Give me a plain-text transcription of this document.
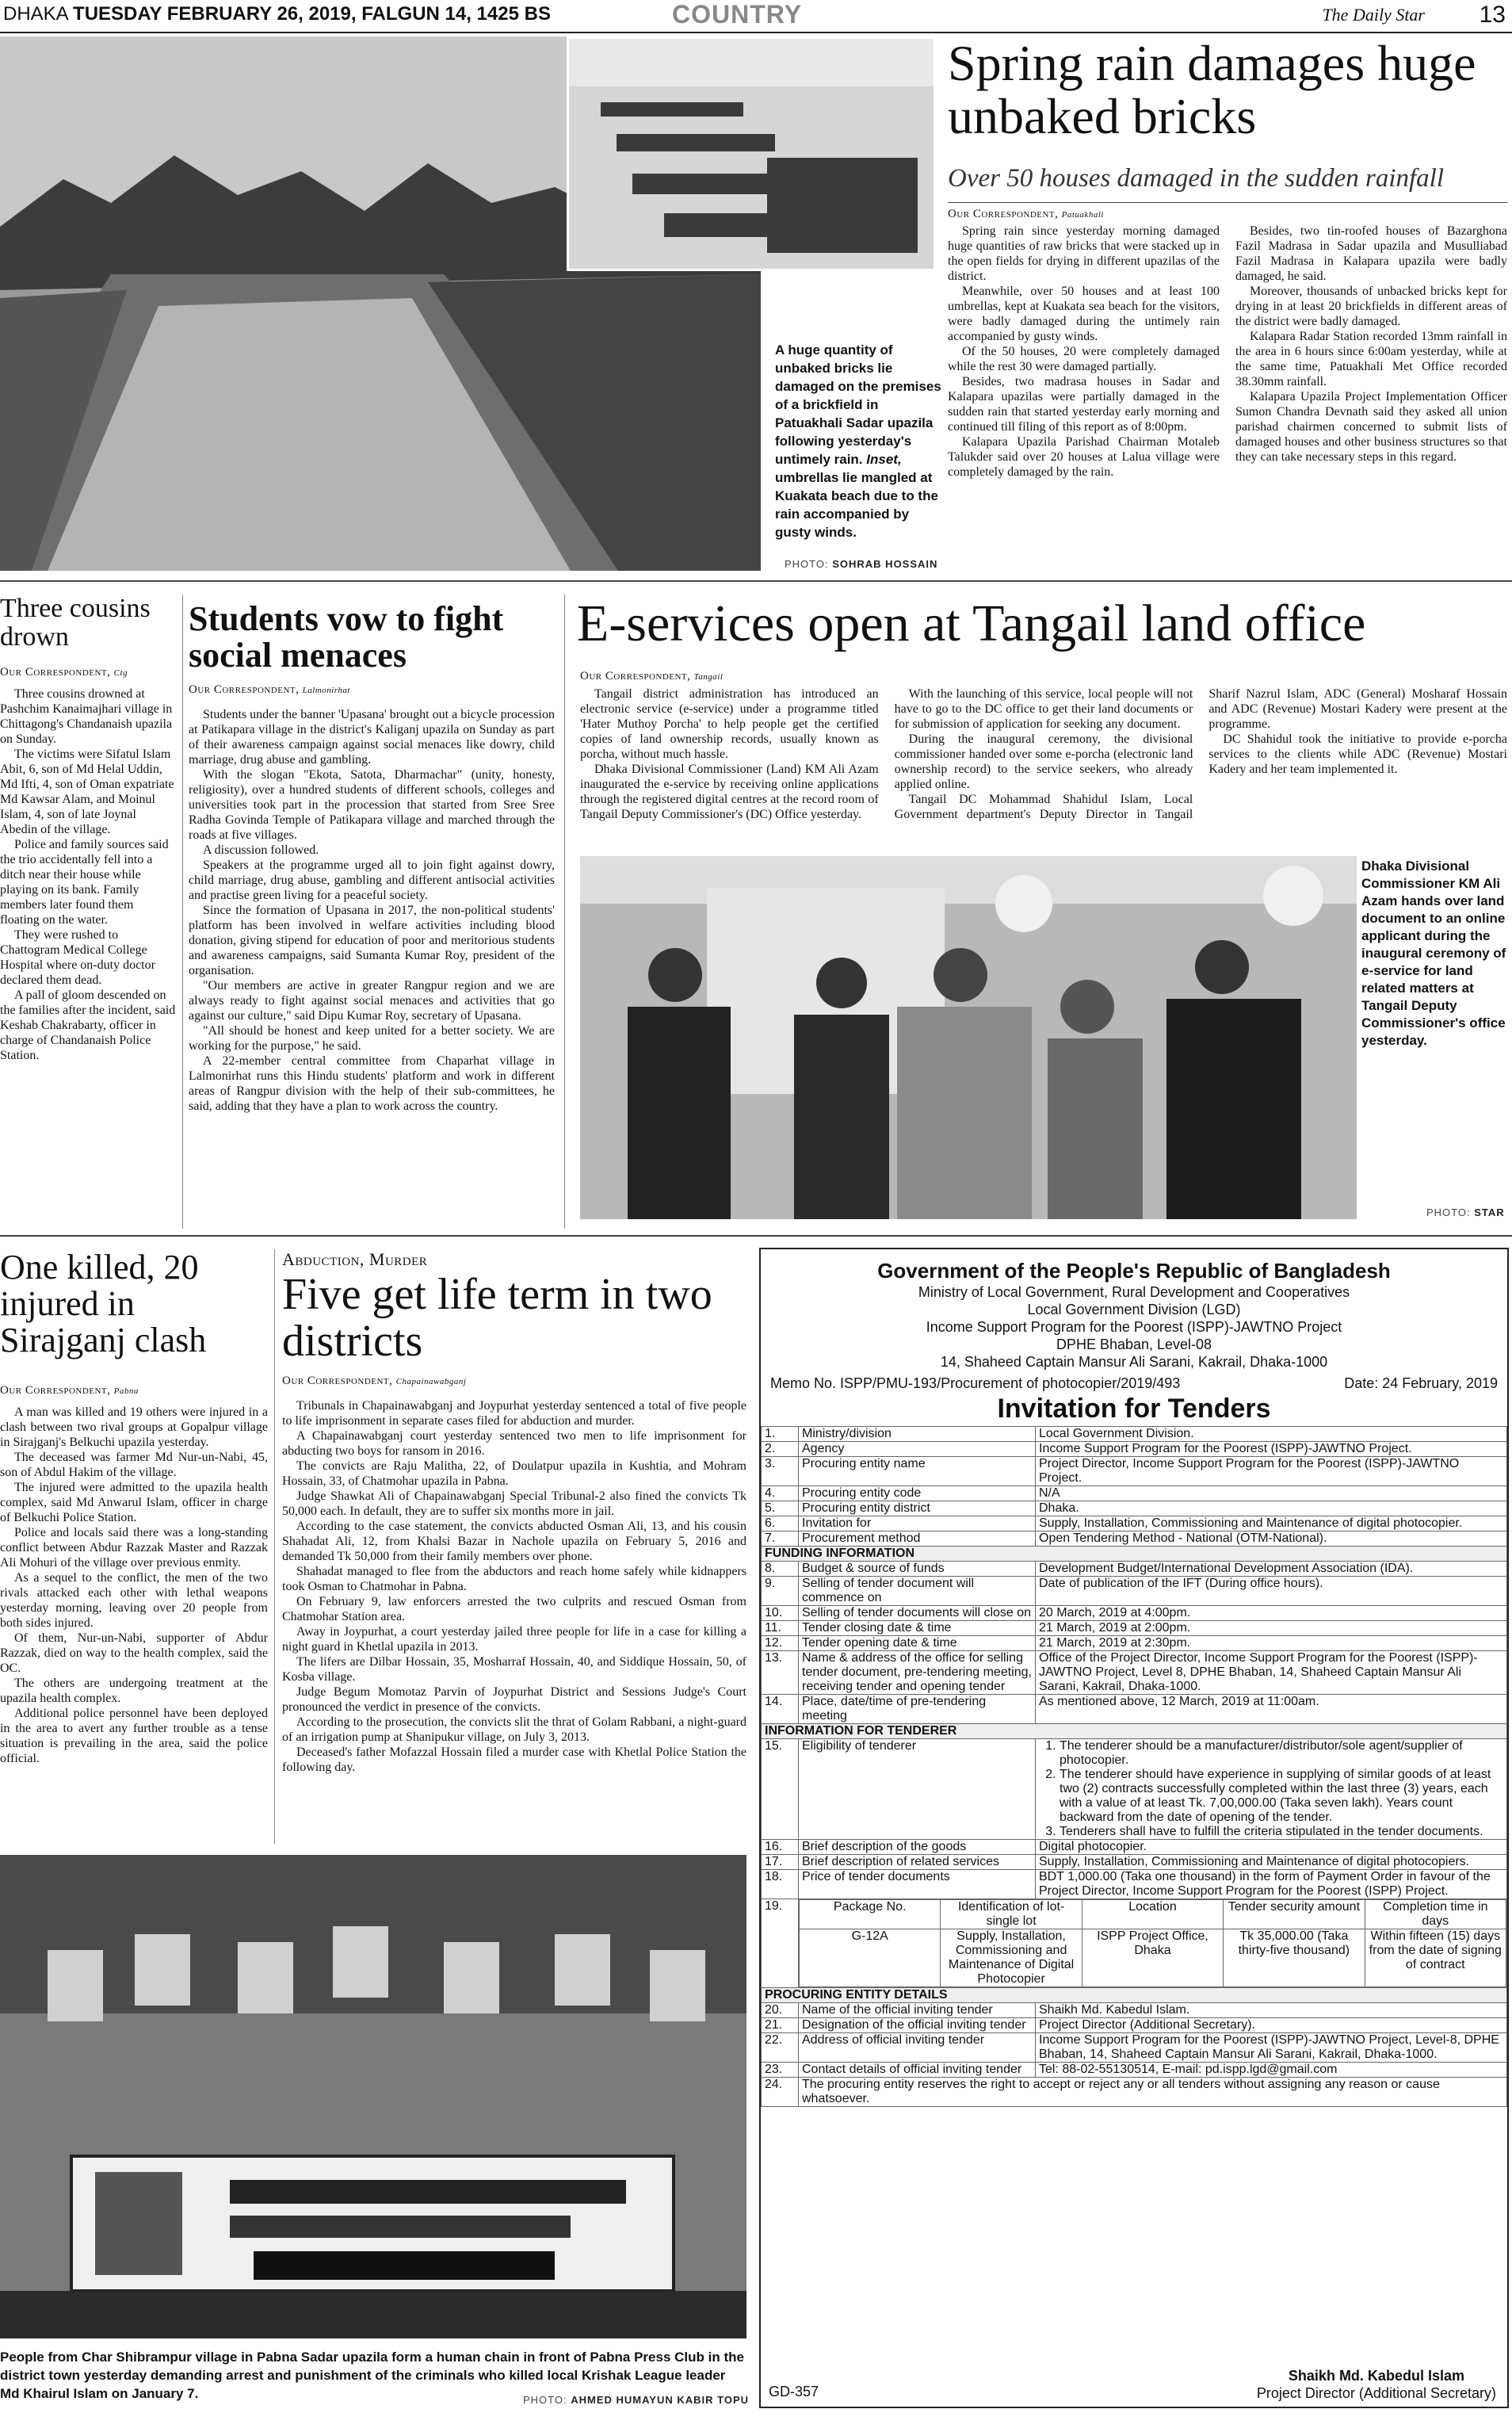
DHAKA TUESDAY FEBRUARY 26, 2019, FALGUN 14, 1425 BS	COUNTRY	The Daily Star 13
A huge quantity of unbaked bricks lie damaged on the premises of a brickfield in Patuakhali Sadar upazila following yesterday's untimely rain. Inset, umbrellas lie mangled at Kuakata beach due to the rain accompanied by gusty winds.
PHOTO: SOHRAB HOSSAIN
Spring rain damages huge unbaked bricks
Over 50 houses damaged in the sudden rainfall
Our Correspondent, Patuakhali

Spring rain since yesterday morning damaged huge quantities of raw bricks that were stacked up in the open fields for drying in different upazilas of the district.

Meanwhile, over 50 houses and at least 100 umbrellas, kept at Kuakata sea beach for the visitors, were badly damaged during the untimely rain accompanied by gusty winds.

Of the 50 houses, 20 were completely damaged while the rest 30 were damaged partially.

Besides, two madrasa houses in Sadar and Kalapara upazilas were partially damaged in the sudden rain that started yesterday early morning and continued till filing of this report as of 8:00pm.

Kalapara Upazila Parishad Chairman Motaleb Talukder said over 20 houses at Lalua village were completely damaged by the rain.

Besides, two tin-roofed houses of Bazarghona Fazil Madrasa in Sadar upazila and Musulliabad Fazil Madrasa in Kalapara upazila were badly damaged, he said.

Moreover, thousands of unbacked bricks kept for drying in at least 20 brickfields in different areas of the district were badly damaged.

Kalapara Radar Station recorded 13mm rainfall in the area in 6 hours since 6:00am yesterday, while at the same time, Patuakhali Met Office recorded 38.30mm rainfall.

Kalapara Upazila Project Implementation Officer Sumon Chandra Devnath said they asked all union parishad chairmen concerned to submit lists of damaged houses and other business structures so that they can take necessary steps in this regard.

Three cousins drown
Our Correspondent, Ctg

Three cousins drowned at Pashchim Kanaimajhari village in Chittagong's Chandanaish upazila on Sunday.

The victims were Sifatul Islam Abit, 6, son of Md Helal Uddin, Md Ifti, 4, son of Oman expatriate Md Kawsar Alam, and Moinul Islam, 4, son of late Joynal Abedin of the village.

Police and family sources said the trio accidentally fell into a ditch near their house while playing on its bank. Family members later found them floating on the water.

They were rushed to Chattogram Medical College Hospital where on-duty doctor declared them dead.

A pall of gloom descended on the families after the incident, said Keshab Chakrabarty, officer in charge of Chandanaish Police Station.

Students vow to fight social menaces
Our Correspondent, Lalmonirhat

Students under the banner 'Upasana' brought out a bicycle procession at Patikapara village in the district's Kaliganj upazila on Sunday as part of their awareness campaign against social menaces like dowry, child marriage, drug abuse and gambling.

With the slogan "Ekota, Satota, Dharmachar" (unity, honesty, religiosity), over a hundred students of different schools, colleges and universities took part in the procession that started from Sree Sree Radha Govinda Temple of Patikapara village and marched through the roads at five villages.

A discussion followed.

Speakers at the programme urged all to join fight against dowry, child marriage, drug abuse, gambling and different antisocial activities and practise green living for a peaceful society.

Since the formation of Upasana in 2017, the non-political students' platform has been involved in welfare activities including blood donation, giving stipend for education of poor and meritorious students and awareness campaigns, said Sumanta Kumar Roy, president of the organisation.

"Our members are active in greater Rangpur region and we are always ready to fight against social menaces and activities that go against our culture," said Dipu Kumar Roy, secretary of Upasana.

"All should be honest and keep united for a better society. We are working for the purpose," he said.

A 22-member central committee from Chaparhat village in Lalmonirhat runs this Hindu students' platform and work in different areas of Rangpur division with the help of their sub-committees, he said, adding that they have a plan to work across the country.

E-services open at Tangail land office
Our Correspondent, Tangail

Tangail district administration has introduced an electronic service (e-service) under a programme titled 'Hater Muthoy Porcha' to help people get the certified copies of land ownership records, usually known as porcha, without much hassle.

Dhaka Divisional Commissioner (Land) KM Ali Azam inaugurated the e-service by receiving online applications through the registered digital centres at the record room of Tangail Deputy Commissioner's (DC) Office yesterday.

With the launching of this service, local people will not have to go to the DC office to get their land documents or for submission of application for seeking any document.

During the inaugural ceremony, the divisional commissioner handed over some e-porcha (electronic land ownership record) to the service seekers, who already applied online.

Tangail DC Mohammad Shahidul Islam, Local Government department's Deputy Director in Tangail Sharif Nazrul Islam, ADC (General) Mosharaf Hossain and ADC (Revenue) Mostari Kadery were present at the programme.

DC Shahidul took the initiative to provide e-porcha services to the clients while ADC (Revenue) Mostari Kadery and her team implemented it.

Dhaka Divisional Commissioner KM Ali Azam hands over land document to an online applicant during the inaugural ceremony of e-service for land related matters at Tangail Deputy Commissioner's office yesterday.
PHOTO: STAR
One killed, 20 injured in Sirajganj clash
Our Correspondent, Pabna

A man was killed and 19 others were injured in a clash between two rival groups at Gopalpur village in Sirajganj's Belkuchi upazila yesterday.

The deceased was farmer Md Nur-un-Nabi, 45, son of Abdul Hakim of the village.

The injured were admitted to the upazila health complex, said Md Anwarul Islam, officer in charge of Belkuchi Police Station.

Police and locals said there was a long-standing conflict between Abdur Razzak Master and Razzak Ali Mohuri of the village over previous enmity.

As a sequel to the conflict, the men of the two rivals attacked each other with lethal weapons yesterday morning, leaving over 20 people from both sides injured.

Of them, Nur-un-Nabi, supporter of Abdur Razzak, died on way to the health complex, said the OC.

The others are undergoing treatment at the upazila health complex.

Additional police personnel have been deployed in the area to avert any further trouble as a tense situation is prevailing in the area, said the police official.

Abduction, Murder
Five get life term in two districts
Our Correspondent, Chapainawabganj

Tribunals in Chapainawabganj and Joypurhat yesterday sentenced a total of five people to life imprisonment in separate cases filed for abduction and murder.

A Chapainawabganj court yesterday sentenced two men to life imprisonment for abducting two boys for ransom in 2016.

The convicts are Raju Malitha, 22, of Doulatpur upazila in Kushtia, and Mohram Hossain, 33, of Chatmohar upazila in Pabna.

Judge Shawkat Ali of Chapainawabganj Special Tribunal-2 also fined the convicts Tk 50,000 each. In default, they are to suffer six months more in jail.

According to the case statement, the convicts abducted Osman Ali, 13, and his cousin Shahadat Ali, 12, from Khalsi Bazar in Nachole upazila on February 5, 2016 and demanded Tk 50,000 from their family members over phone.

Shahadat managed to flee from the abductors and reach home safely while kidnappers took Osman to Chatmohar in Pabna.

On February 9, law enforcers arrested the two culprits and rescued Osman from Chatmohar Station area.

Away in Joypurhat, a court yesterday jailed three people for life in a case for killing a night guard in Khetlal upazila in 2013.

The lifers are Dilbar Hossain, 35, Mosharraf Hossain, 40, and Siddique Hossain, 50, of Kosba village.

Judge Begum Momotaz Parvin of Joypurhat District and Sessions Judge's Court pronounced the verdict in presence of the convicts.

According to the prosecution, the convicts slit the thrat of Golam Rabbani, a night-guard of an irrigation pump at Shanipukur village, on July 3, 2013.

Deceased's father Mofazzal Hossain filed a murder case with Khetlal Police Station the following day.

People from Char Shibrampur village in Pabna Sadar upazila form a human chain in front of Pabna Press Club in the district town yesterday demanding arrest and punishment of the criminals who killed local Krishak League leader Md Khairul Islam on January 7.	PHOTO: AHMED HUMAYUN KABIR TOPU
Government of the People's Republic of Bangladesh
Ministry of Local Government, Rural Development and Cooperatives
Local Government Division (LGD)
Income Support Program for the Poorest (ISPP)-JAWTNO Project
DPHE Bhaban, Level-08
14, Shaheed Captain Mansur Ali Sarani, Kakrail, Dhaka-1000
Memo No. ISPP/PMU-193/Procurement of photocopier/2019/493	Date: 24 February, 2019
Invitation for Tenders
1.	Ministry/division	Local Government Division.
2.	Agency	Income Support Program for the Poorest (ISPP)-JAWTNO Project.
3.	Procuring entity name	Project Director, Income Support Program for the Poorest (ISPP)-JAWTNO Project.
4.	Procuring entity code	N/A
5.	Procuring entity district	Dhaka.
6.	Invitation for	Supply, Installation, Commissioning and Maintenance of digital photocopier.
7.	Procurement method	Open Tendering Method - National (OTM-National).
FUNDING INFORMATION
8.	Budget & source of funds	Development Budget/International Development Association (IDA).
9.	Selling of tender document will commence on	Date of publication of the IFT (During office hours).
10.	Selling of tender documents will close on	20 March, 2019 at 4:00pm.
11.	Tender closing date & time	21 March, 2019 at 2:00pm.
12.	Tender opening date & time	21 March, 2019 at 2:30pm.
13.	Name & address of the office for selling tender document, pre-tendering meeting, receiving tender and opening tender	Office of the Project Director, Income Support Program for the Poorest (ISPP)-JAWTNO Project, Level 8, DPHE Bhaban, 14, Shaheed Captain Mansur Ali Sarani, Kakrail, Dhaka-1000.
14.	Place, date/time of pre-tendering meeting	As mentioned above, 12 March, 2019 at 11:00am.
INFORMATION FOR TENDERER
15.	Eligibility of tenderer	
1.The tenderer should be a manufacturer/distributor/sole agent/supplier of photocopier.
2. The tenderer should have experience in supplying of similar goods of at least two (2) contracts successfully completed within the last three (3) years, each with a value of at least Tk. 7,00,000.00 (Taka seven lakh). Years count backward from the date of opening of the tender.
3. Tenderers shall have to fulfill the criteria stipulated in the tender documents.

16.	Brief description of the goods	Digital photocopier.
17.	Brief description of related services	Supply, Installation, Commissioning and Maintenance of digital photocopiers.
18.	Price of tender documents	BDT 1,000.00 (Taka one thousand) in the form of Payment Order in favour of the Project Director, Income Support Program for the Poorest (ISPP) Project.
19.		Package No.	Identification of lot- single lot	Location	Tender security amount	Completion time in days
G-12A	Supply, Installation, Commissioning and Maintenance of Digital Photocopier	ISPP Project Office, Dhaka	Tk 35,000.00 (Taka thirty-five thousand)	Within fifteen (15) days from the date of signing of contract

PROCURING ENTITY DETAILS
20.	Name of the official inviting tender	Shaikh Md. Kabedul Islam.
21.	Designation of the official inviting tender	Project Director (Additional Secretary).
22.	Address of official inviting tender	Income Support Program for the Poorest (ISPP)-JAWTNO Project, Level-8, DPHE Bhaban, 14, Shaheed Captain Mansur Ali Sarani, Kakrail, Dhaka-1000.
23.	Contact details of official inviting tender	Tel: 88-02-55130514, E-mail: pd.ispp.lgd@gmail.com
24.	The procuring entity reserves the right to accept or reject any or all tenders without assigning any reason or cause whatsoever.
GD-357
Shaikh Md. Kabedul Islam
Project Director (Additional Secretary)
